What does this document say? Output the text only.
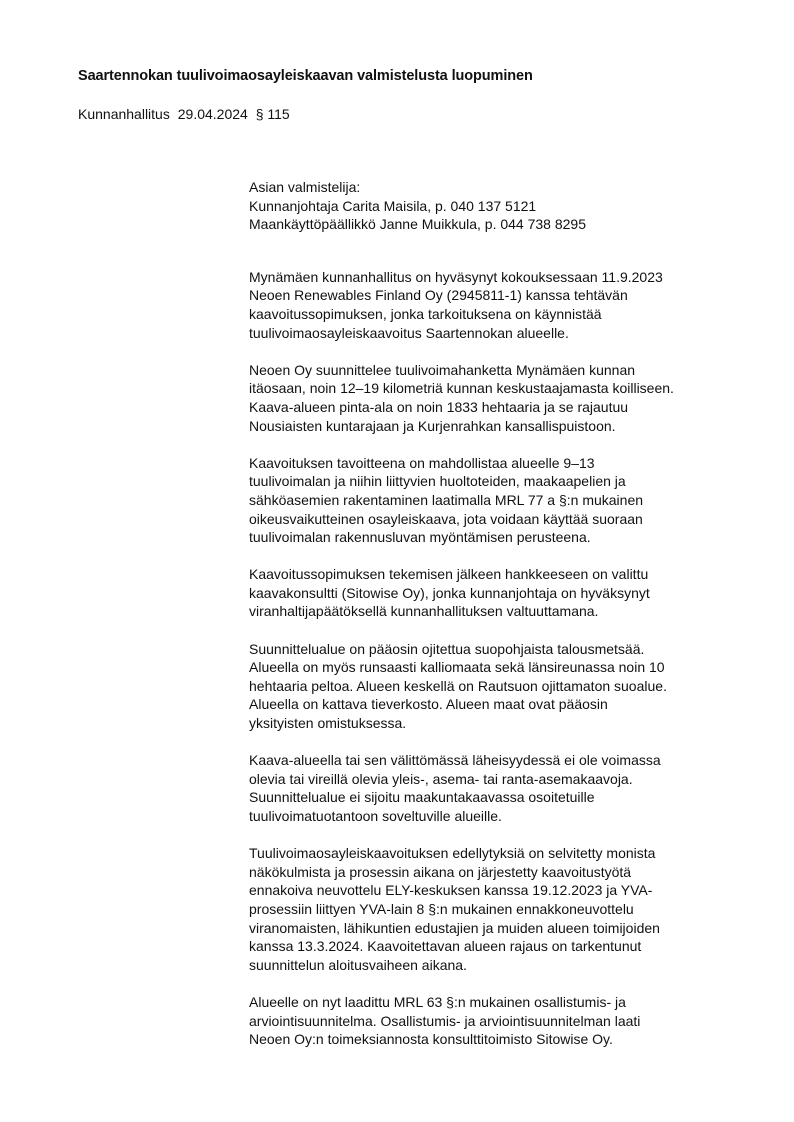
Saartennokan tuulivoimaosayleiskaavan valmistelusta luopuminen
Kunnanhallitus 29.04.2024 § 115
Asian valmistelija:
Kunnanjohtaja Carita Maisila, p. 040 137 5121
Maankäyttöpäällikkö Janne Muikkula, p. 044 738 8295
Mynämäen kunnanhallitus on hyväsynyt kokouksessaan 11.9.2023
Neoen Renewables Finland Oy (2945811-1) kanssa tehtävän
kaavoitussopimuksen, jonka tarkoituksena on käynnistää
tuulivoimaosayleiskaavoitus Saartennokan alueelle.
Neoen Oy suunnittelee tuulivoimahanketta Mynämäen kunnan
itäosaan, noin 12–19 kilometriä kunnan keskustaajamasta koilliseen.
Kaava-alueen pinta-ala on noin 1833 hehtaaria ja se rajautuu
Nousiaisten kuntarajaan ja Kurjenrahkan kansallispuistoon.
Kaavoituksen tavoitteena on mahdollistaa alueelle 9–13
tuulivoimalan ja niihin liittyvien huoltoteiden, maakaapelien ja
sähköasemien rakentaminen laatimalla MRL 77 a §:n mukainen
oikeusvaikutteinen osayleiskaava, jota voidaan käyttää suoraan
tuulivoimalan rakennusluvan myöntämisen perusteena.
Kaavoitussopimuksen tekemisen jälkeen hankkeeseen on valittu
kaavakonsultti (Sitowise Oy), jonka kunnanjohtaja on hyväksynyt
viranhaltijapäätöksellä kunnanhallituksen valtuuttamana.
Suunnittelualue on pääosin ojitettua suopohjaista talousmetsää.
Alueella on myös runsaasti kalliomaata sekä länsireunassa noin 10
hehtaaria peltoa. Alueen keskellä on Rautsuon ojittamaton suoalue.
Alueella on kattava tieverkosto. Alueen maat ovat pääosin
yksityisten omistuksessa.
Kaava-alueella tai sen välittömässä läheisyydessä ei ole voimassa
olevia tai vireillä olevia yleis-, asema- tai ranta-asemakaavoja.
Suunnittelualue ei sijoitu maakuntakaavassa osoitetuille
tuulivoimatuotantoon soveltuville alueille.
Tuulivoimaosayleiskaavoituksen edellytyksiä on selvitetty monista
näkökulmista ja prosessin aikana on järjestetty kaavoitustyötä
ennakoiva neuvottelu ELY-keskuksen kanssa 19.12.2023 ja YVA-
prosessiin liittyen YVA-lain 8 §:n mukainen ennakkoneuvottelu
viranomaisten, lähikuntien edustajien ja muiden alueen toimijoiden
kanssa 13.3.2024. Kaavoitettavan alueen rajaus on tarkentunut
suunnittelun aloitusvaiheen aikana.
Alueelle on nyt laadittu MRL 63 §:n mukainen osallistumis- ja
arviointisuunnitelma. Osallistumis- ja arviointisuunnitelman laati
Neoen Oy:n toimeksiannosta konsulttitoimisto Sitowise Oy.
